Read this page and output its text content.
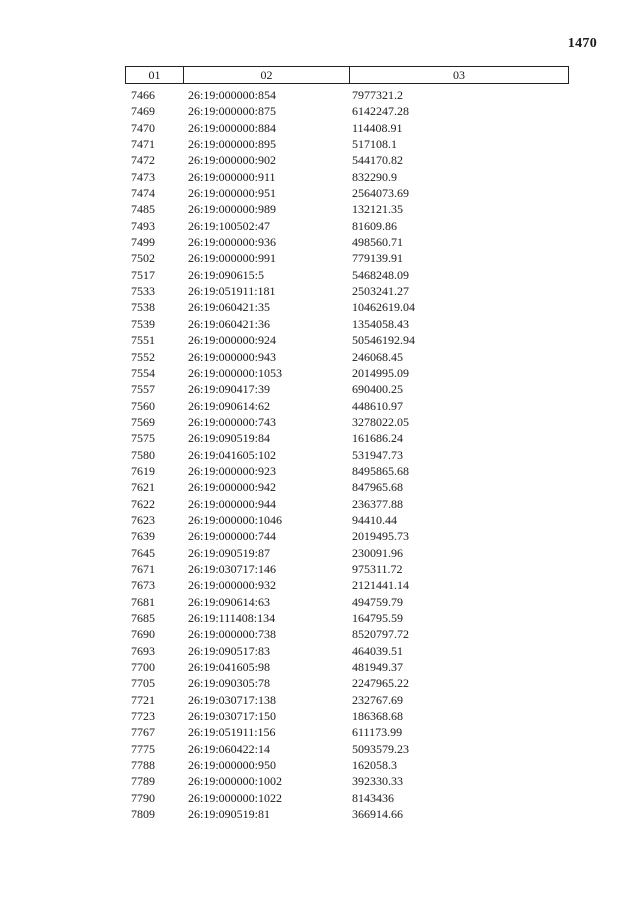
1470
01	02	03
7466	26:19:000000:854	7977321.2
7469	26:19:000000:875	6142247.28
7470	26:19:000000:884	114408.91
7471	26:19:000000:895	517108.1
7472	26:19:000000:902	544170.82
7473	26:19:000000:911	832290.9
7474	26:19:000000:951	2564073.69
7485	26:19:000000:989	132121.35
7493	26:19:100502:47	81609.86
7499	26:19:000000:936	498560.71
7502	26:19:000000:991	779139.91
7517	26:19:090615:5	5468248.09
7533	26:19:051911:181	2503241.27
7538	26:19:060421:35	10462619.04
7539	26:19:060421:36	1354058.43
7551	26:19:000000:924	50546192.94
7552	26:19:000000:943	246068.45
7554	26:19:000000:1053	2014995.09
7557	26:19:090417:39	690400.25
7560	26:19:090614:62	448610.97
7569	26:19:000000:743	3278022.05
7575	26:19:090519:84	161686.24
7580	26:19:041605:102	531947.73
7619	26:19:000000:923	8495865.68
7621	26:19:000000:942	847965.68
7622	26:19:000000:944	236377.88
7623	26:19:000000:1046	94410.44
7639	26:19:000000:744	2019495.73
7645	26:19:090519:87	230091.96
7671	26:19:030717:146	975311.72
7673	26:19:000000:932	2121441.14
7681	26:19:090614:63	494759.79
7685	26:19:111408:134	164795.59
7690	26:19:000000:738	8520797.72
7693	26:19:090517:83	464039.51
7700	26:19:041605:98	481949.37
7705	26:19:090305:78	2247965.22
7721	26:19:030717:138	232767.69
7723	26:19:030717:150	186368.68
7767	26:19:051911:156	611173.99
7775	26:19:060422:14	5093579.23
7788	26:19:000000:950	162058.3
7789	26:19:000000:1002	392330.33
7790	26:19:000000:1022	8143436
7809	26:19:090519:81	366914.66
